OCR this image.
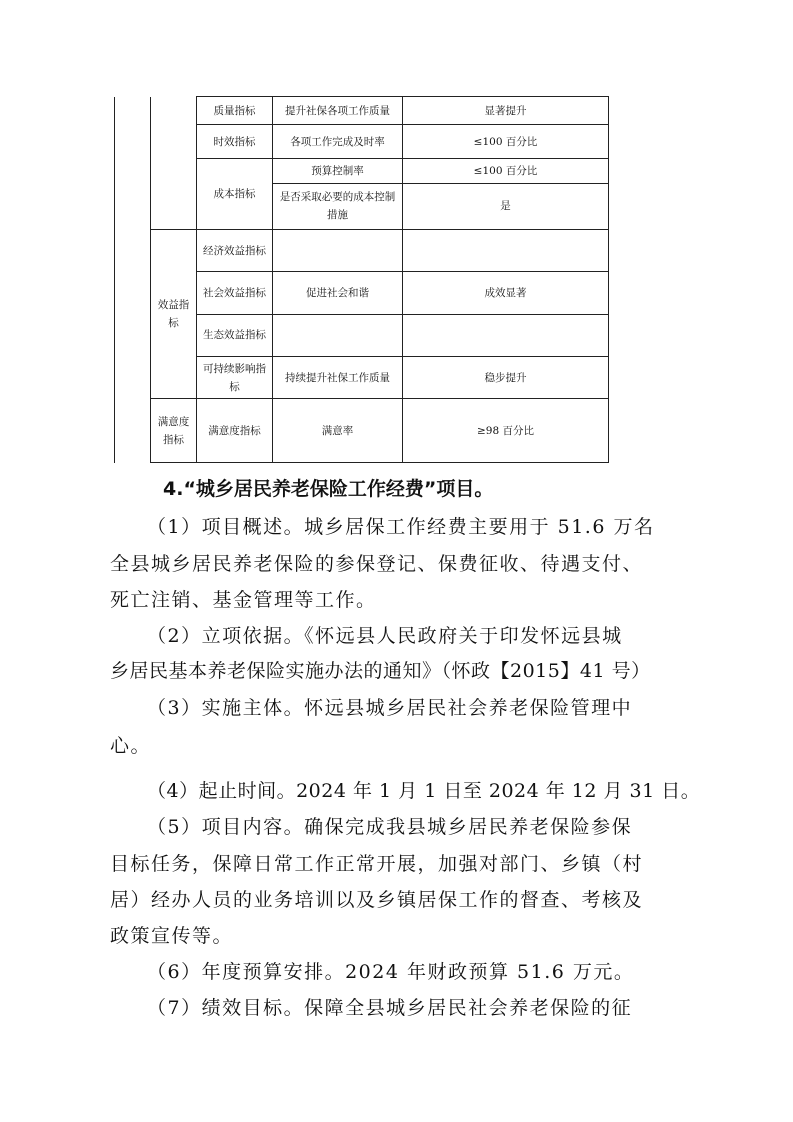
		质量指标	提升社保各项工作质量	显著提升
		时效指标	各项工作完成及时率	≤100 百分比
		成本指标	预算控制率	≤100 百分比
			是否采取必要的成本控制措施	是
	效益指标	经济效益指标		
		社会效益指标	促进社会和谐	成效显著
		生态效益指标		
		可持续影响指标	持续提升社保工作质量	稳步提升
	满意度指标	满意度指标	满意率	≥98 百分比
4.“城乡居民养老保险工作经费”项目。
（1）项目概述。城乡居保工作经费主要用于 51.6 万名
全县城乡居民养老保险的参保登记、保费征收、待遇支付、
死亡注销、基金管理等工作。
（2）立项依据。《怀远县人民政府关于印发怀远县城
乡居民基本养老保险实施办法的通知》（怀政【2015】41 号）
（3）实施主体。怀远县城乡居民社会养老保险管理中
心。
（4）起止时间。2024 年 1 月 1 日至 2024 年 12 月 31 日。
（5）项目内容。确保完成我县城乡居民养老保险参保
目标任务，保障日常工作正常开展，加强对部门、乡镇（村
居）经办人员的业务培训以及乡镇居保工作的督查、考核及
政策宣传等。
（6）年度预算安排。2024 年财政预算 51.6 万元。
（7）绩效目标。保障全县城乡居民社会养老保险的征
